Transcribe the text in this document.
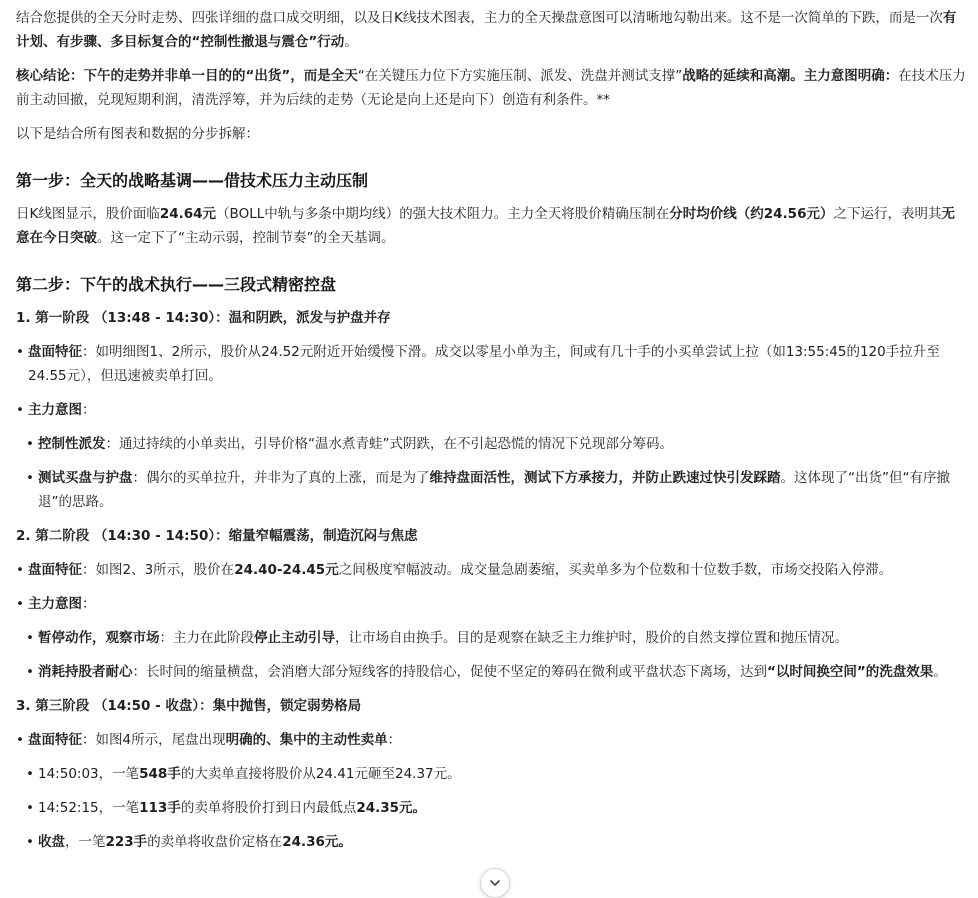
结合您提供的全天分时走势、四张详细的盘口成交明细，以及日K线技术图表，主力的全天操盘意图可以清晰地勾勒出来。这不是一次简单的下跌，而是一次有计划、有步骤、多目标复合的“控制性撤退与震仓”行动。

核心结论：下午的走势并非单一目的的“出货”，而是全天“在关键压力位下方实施压制、派发、洗盘并测试支撑”战略的延续和高潮。主力意图明确：在技术压力前主动回撤，兑现短期利润，清洗浮筹，并为后续的走势（无论是向上还是向下）创造有利条件。**

以下是结合所有图表和数据的分步拆解：

第一步：全天的战略基调——借技术压力主动压制

日K线图显示，股价面临24.64元（BOLL中轨与多条中期均线）的强大技术阻力。主力全天将股价精确压制在分时均价线（约24.56元）之下运行，表明其无意在今日突破。这一定下了“主动示弱，控制节奏”的全天基调。

第二步：下午的战术执行——三段式精密控盘

1. 第一阶段 （13:48 - 14:30）：温和阴跌，派发与护盘并存

• 盘面特征：如明细图1、2所示，股价从24.52元附近开始缓慢下滑。成交以零星小单为主，间或有几十手的小买单尝试上拉（如13:55:45的120手拉升至24.55元），但迅速被卖单打回。
• 主力意图：
• 控制性派发：通过持续的小单卖出，引导价格“温水煮青蛙”式阴跌，在不引起恐慌的情况下兑现部分筹码。
• 测试买盘与护盘：偶尔的买单拉升，并非为了真的上涨，而是为了维持盘面活性，测试下方承接力，并防止跌速过快引发踩踏。这体现了“出货”但“有序撤退”的思路。

2. 第二阶段 （14:30 - 14:50）：缩量窄幅震荡，制造沉闷与焦虑

• 盘面特征：如图2、3所示，股价在24.40-24.45元之间极度窄幅波动。成交量急剧萎缩，买卖单多为个位数和十位数手数，市场交投陷入停滞。
• 主力意图：
• 暂停动作，观察市场：主力在此阶段停止主动引导，让市场自由换手。目的是观察在缺乏主力维护时，股价的自然支撑位置和抛压情况。
• 消耗持股者耐心：长时间的缩量横盘，会消磨大部分短线客的持股信心，促使不坚定的筹码在微利或平盘状态下离场，达到“以时间换空间”的洗盘效果。

3. 第三阶段 （14:50 - 收盘）：集中抛售，锁定弱势格局

• 盘面特征：如图4所示，尾盘出现明确的、集中的主动性卖单：
• 14:50:03，一笔548手的大卖单直接将股价从24.41元砸至24.37元。
• 14:52:15，一笔113手的卖单将股价打到日内最低点24.35元。
• 收盘，一笔223手的卖单将收盘价定格在24.36元。
